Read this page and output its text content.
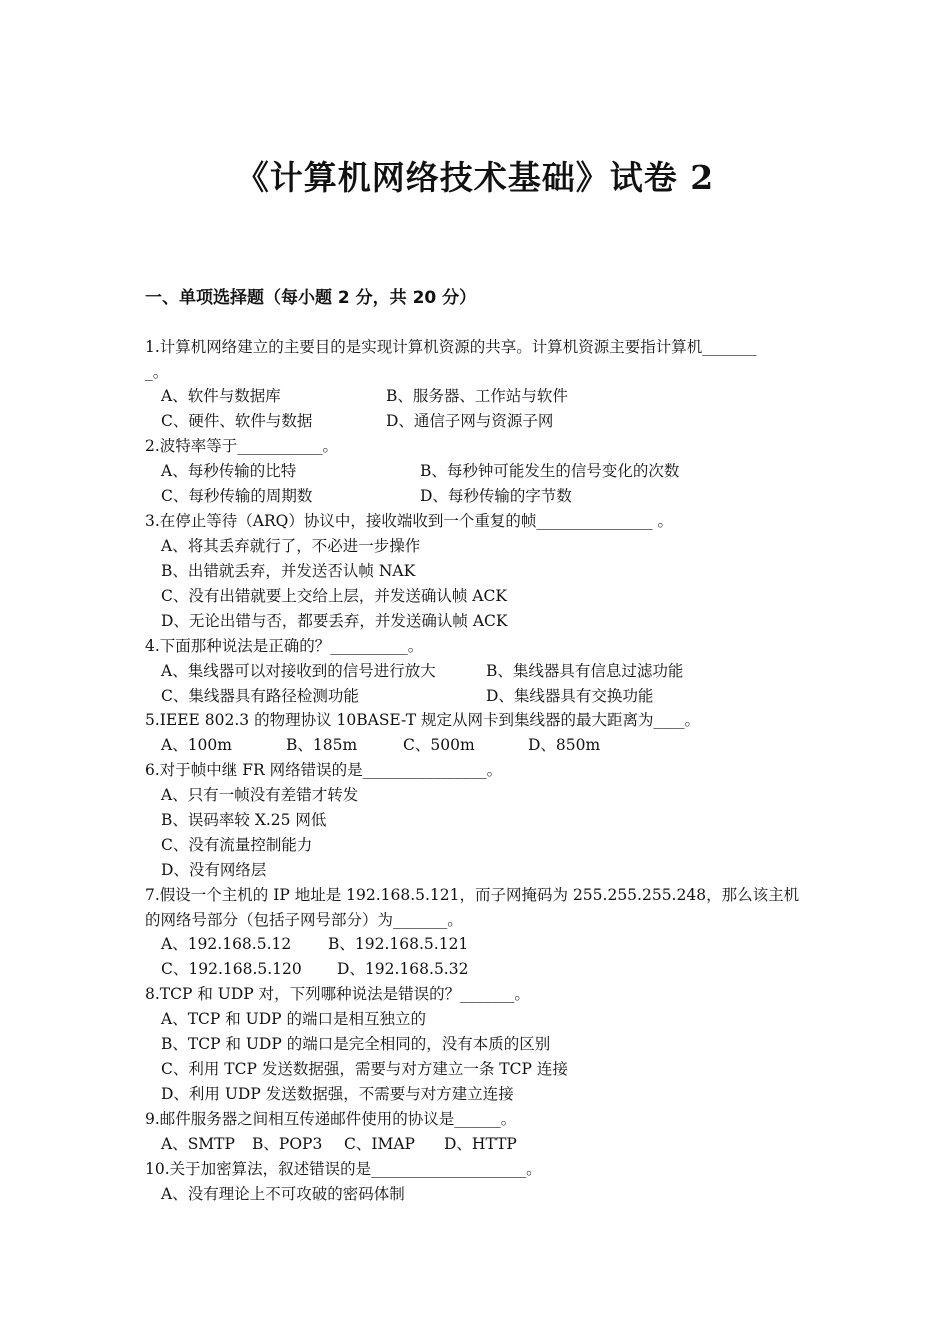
《计算机网络技术基础》试卷 2
一、单项选择题（每小题 2 分，共 20 分）
1.计算机网络建立的主要目的是实现计算机资源的共享。计算机资源主要指计算机_______
_。
A、软件与数据库	B、服务器、工作站与软件
C、硬件、软件与数据	D、通信子网与资源子网
2.波特率等于___________。
A、每秒传输的比特	B、每秒钟可能发生的信号变化的次数
C、每秒传输的周期数	D、每秒传输的字节数
3.在停止等待（ARQ）协议中，接收端收到一个重复的帧_______________ 。
A、将其丢弃就行了，不必进一步操作
B、出错就丢弃，并发送否认帧 NAK
C、没有出错就要上交给上层，并发送确认帧 ACK
D、无论出错与否，都要丢弃，并发送确认帧 ACK
4.下面那种说法是正确的？__________。
A、集线器可以对接收到的信号进行放大	B、集线器具有信息过滤功能
C、集线器具有路径检测功能	D、集线器具有交换功能
5.IEEE 802.3 的物理协议 10BASE-T 规定从网卡到集线器的最大距离为____。
A、100m	B、185m	C、500m	D、850m
6.对于帧中继 FR 网络错误的是________________。
A、只有一帧没有差错才转发
B、误码率较 X.25 网低
C、没有流量控制能力
D、没有网络层
7.假设一个主机的 IP 地址是 192.168.5.121，而子网掩码为 255.255.255.248，那么该主机
的网络号部分（包括子网号部分）为_______。
A、192.168.5.12 B、192.168.5.121
C、192.168.5.120 D、192.168.5.32
8.TCP 和 UDP 对，下列哪种说法是错误的？_______。
A、TCP 和 UDP 的端口是相互独立的
B、TCP 和 UDP 的端口是完全相同的，没有本质的区别
C、利用 TCP 发送数据强，需要与对方建立一条 TCP 连接
D、利用 UDP 发送数据强，不需要与对方建立连接
9.邮件服务器之间相互传递邮件使用的协议是______。
A、SMTP B、POP3 C、IMAP D、HTTP
10.关于加密算法，叙述错误的是____________________。
A、没有理论上不可攻破的密码体制
